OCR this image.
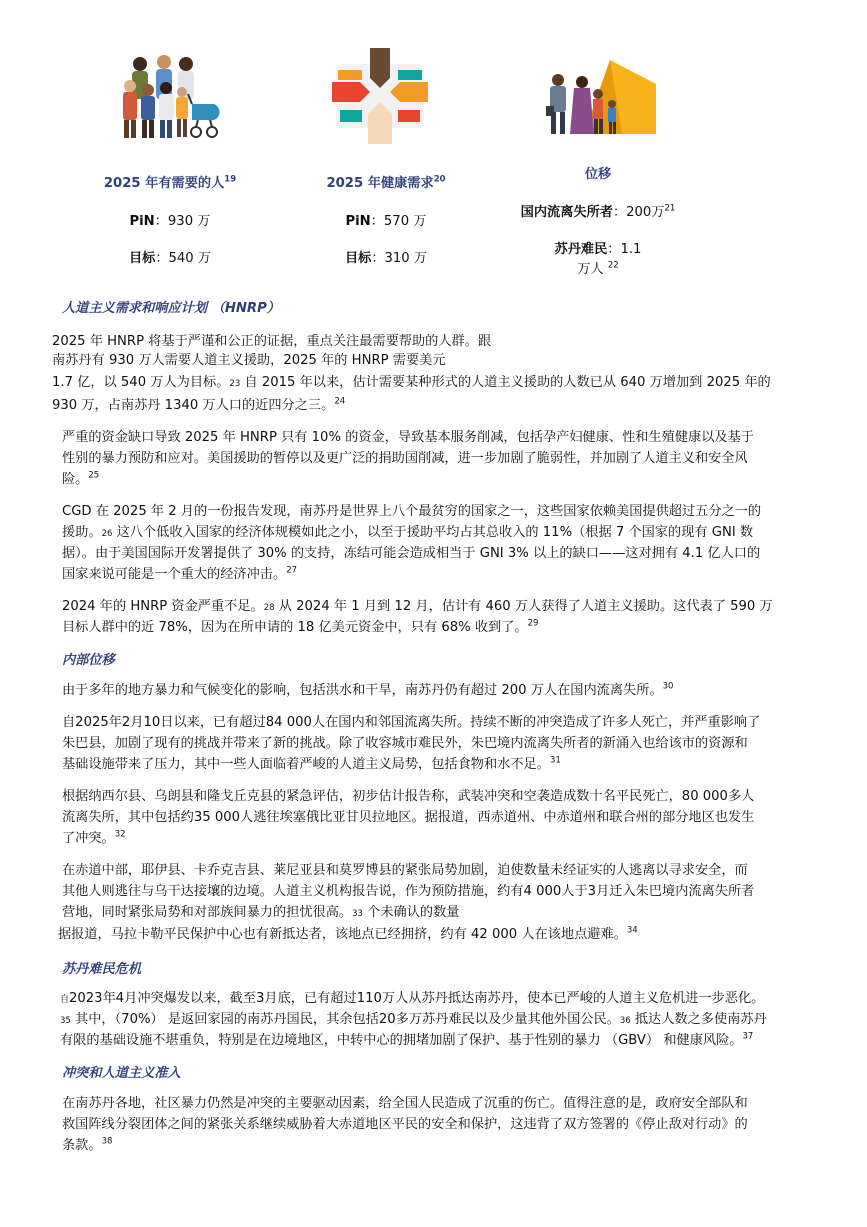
2025 年有需要的人$^{19}$
PiN：930 万
目标：540 万
2025 年健康需求$^{20}$
PiN：570 万
目标：310 万
位移
国内流离失所者：200万$^{21}$
苏丹难民：1.1
万人 $^{22}$
人道主义需求和响应计划 （HNRP）
2025 年 HNRP 将基于严谨和公正的证据，重点关注最需要帮助的人群。跟
南苏丹有 930 万人需要人道主义援助，2025 年的 HNRP 需要美元
1.7 亿，以 540 万人为目标。23 自 2015 年以来，估计需要某种形式的人道主义援助的人数已从 640 万增加到 2025 年的
930 万，占南苏丹 1340 万人口的近四分之三。$^{24}$
严重的资金缺口导致 2025 年 HNRP 只有 10% 的资金，导致基本服务削减，包括孕产妇健康、性和生殖健康以及基于
性别的暴力预防和应对。美国援助的暂停以及更广泛的捐助国削减，进一步加剧了脆弱性，并加剧了人道主义和安全风
险。$^{25}$
CGD 在 2025 年 2 月的一份报告发现，南苏丹是世界上八个最贫穷的国家之一，这些国家依赖美国提供超过五分之一的
援助。26 这八个低收入国家的经济体规模如此之小，以至于援助平均占其总收入的 11%（根据 7 个国家的现有 GNI 数
据）。由于美国国际开发署提供了 30% 的支持，冻结可能会造成相当于 GNI 3% 以上的缺口——这对拥有 4.1 亿人口的
国家来说可能是一个重大的经济冲击。$^{27}$
2024 年的 HNRP 资金严重不足。28 从 2024 年 1 月到 12 月，估计有 460 万人获得了人道主义援助。这代表了 590 万
目标人群中的近 78%，因为在所申请的 18 亿美元资金中，只有 68% 收到了。$^{29}$
内部位移
由于多年的地方暴力和气候变化的影响，包括洪水和干旱，南苏丹仍有超过 200 万人在国内流离失所。$^{30}$
自2025年2月10日以来，已有超过84 000人在国内和邻国流离失所。持续不断的冲突造成了许多人死亡，并严重影响了
朱巴县，加剧了现有的挑战并带来了新的挑战。除了收容城市难民外，朱巴境内流离失所者的新涌入也给该市的资源和
基础设施带来了压力，其中一些人面临着严峻的人道主义局势，包括食物和水不足。$^{31}$
根据纳西尔县、乌朗县和隆戈丘克县的紧急评估，初步估计报告称，武装冲突和空袭造成数十名平民死亡，80 000多人
流离失所，其中包括约35 000人逃往埃塞俄比亚甘贝拉地区。据报道，西赤道州、中赤道州和联合州的部分地区也发生
了冲突。$^{32}$
在赤道中部，耶伊县、卡乔克吉县、莱尼亚县和莫罗博县的紧张局势加剧，迫使数量未经证实的人逃离以寻求安全，而
其他人则逃往与乌干达接壤的边境。人道主义机构报告说，作为预防措施，约有4 000人于3月迁入朱巴境内流离失所者
营地，同时紧张局势和对部族间暴力的担忧很高。33 个未确认的数量
据报道，马拉卡勒平民保护中心也有新抵达者，该地点已经拥挤，约有 42 000 人在该地点避难。$^{34}$
苏丹难民危机
自2023年4月冲突爆发以来，截至3月底，已有超过110万人从苏丹抵达南苏丹，使本已严峻的人道主义危机进一步恶化。
35 其中，（70%） 是返回家园的南苏丹国民，其余包括20多万苏丹难民以及少量其他外国公民。36 抵达人数之多使南苏丹
有限的基础设施不堪重负，特别是在边境地区，中转中心的拥堵加剧了保护、基于性别的暴力 （GBV） 和健康风险。$^{37}$
冲突和人道主义准入
在南苏丹各地，社区暴力仍然是冲突的主要驱动因素，给全国人民造成了沉重的伤亡。值得注意的是，政府安全部队和
救国阵线分裂团体之间的紧张关系继续威胁着大赤道地区平民的安全和保护，这违背了双方签署的《停止敌对行动》的
条款。$^{38}$
